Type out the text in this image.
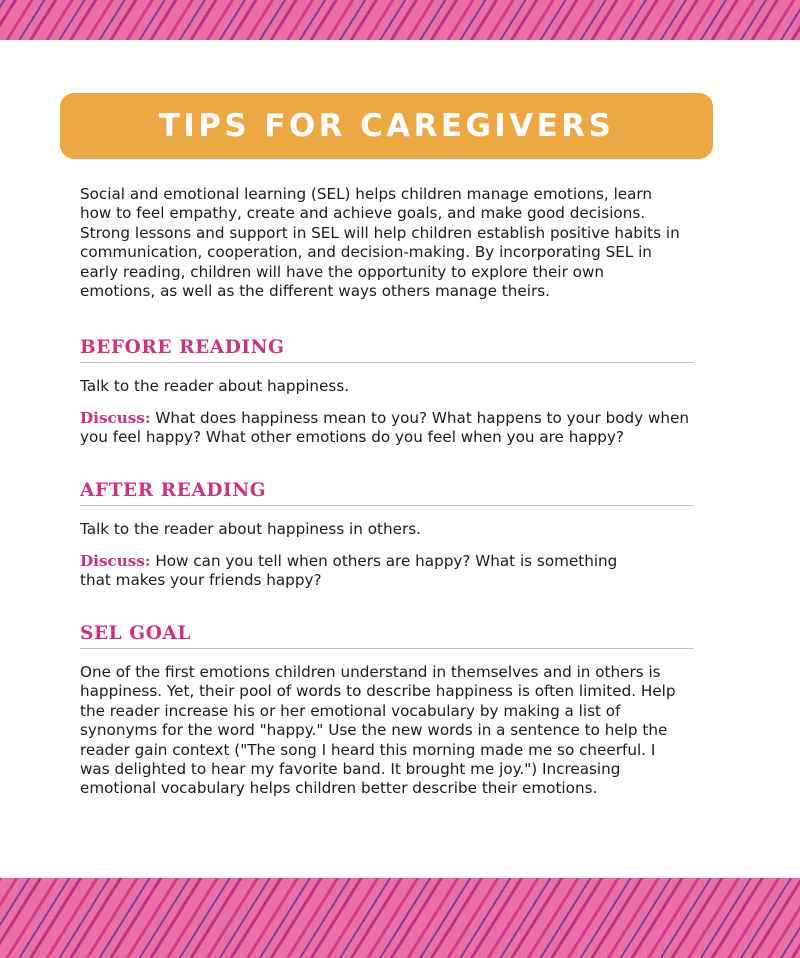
TIPS FOR CAREGIVERS

Social and emotional learning (SEL) helps children manage emotions, learn how to feel empathy, create and achieve goals, and make good decisions. Strong lessons and support in SEL will help children establish positive habits in communication, cooperation, and decision-making. By incorporating SEL in early reading, children will have the opportunity to explore their own emotions, as well as the different ways others manage theirs.

BEFORE READING

Talk to the reader about happiness.

Discuss: What does happiness mean to you? What happens to your body when you feel happy? What other emotions do you feel when you are happy?

AFTER READING

Talk to the reader about happiness in others.

Discuss: How can you tell when others are happy? What is something that makes your friends happy?

SEL GOAL

One of the first emotions children understand in themselves and in others is happiness. Yet, their pool of words to describe happiness is often limited. Help the reader increase his or her emotional vocabulary by making a list of synonyms for the word "happy." Use the new words in a sentence to help the reader gain context ("The song I heard this morning made me so cheerful. I was delighted to hear my favorite band. It brought me joy.") Increasing emotional vocabulary helps children better describe their emotions.
